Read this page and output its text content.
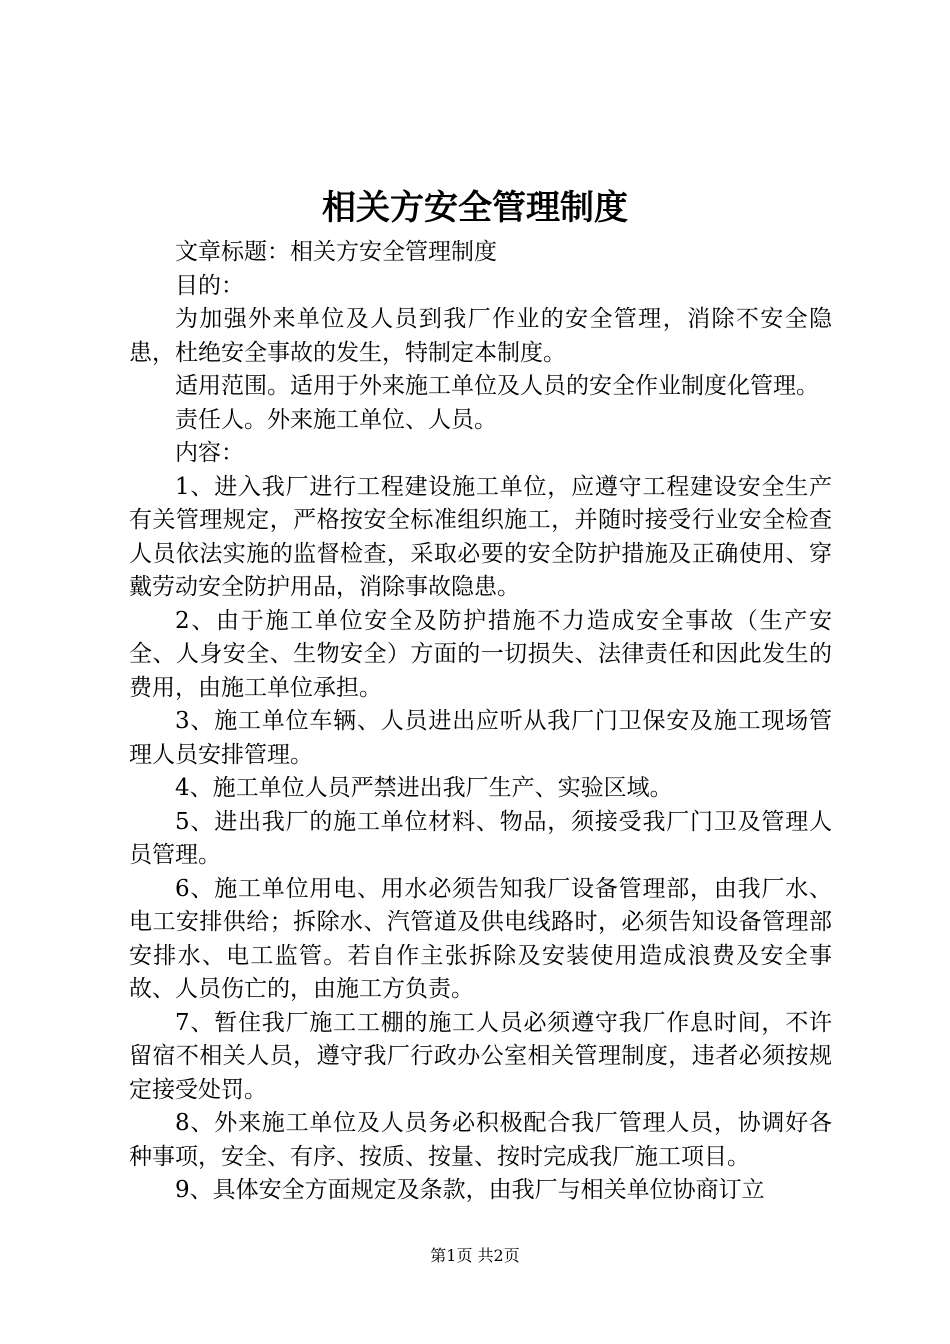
相关方安全管理制度

文章标题：相关方安全管理制度

目的：

为加强外来单位及人员到我厂作业的安全管理，消除不安全隐患，杜绝安全事故的发生，特制定本制度。

适用范围。适用于外来施工单位及人员的安全作业制度化管理。

责任人。外来施工单位、人员。

内容：

1、进入我厂进行工程建设施工单位，应遵守工程建设安全生产有关管理规定，严格按安全标准组织施工，并随时接受行业安全检查人员依法实施的监督检查，采取必要的安全防护措施及正确使用、穿戴劳动安全防护用品，消除事故隐患。

2、由于施工单位安全及防护措施不力造成安全事故（生产安全、人身安全、生物安全）方面的一切损失、法律责任和因此发生的费用，由施工单位承担。

3、施工单位车辆、人员进出应听从我厂门卫保安及施工现场管理人员安排管理。

4、施工单位人员严禁进出我厂生产、实验区域。

5、进出我厂的施工单位材料、物品，须接受我厂门卫及管理人员管理。

6、施工单位用电、用水必须告知我厂设备管理部，由我厂水、电工安排供给；拆除水、汽管道及供电线路时，必须告知设备管理部安排水、电工监管。若自作主张拆除及安装使用造成浪费及安全事故、人员伤亡的，由施工方负责。

7、暂住我厂施工工棚的施工人员必须遵守我厂作息时间，不许留宿不相关人员，遵守我厂行政办公室相关管理制度，违者必须按规定接受处罚。

8、外来施工单位及人员务必积极配合我厂管理人员，协调好各种事项，安全、有序、按质、按量、按时完成我厂施工项目。

9、具体安全方面规定及条款，由我厂与相关单位协商订立

第1页 共2页
